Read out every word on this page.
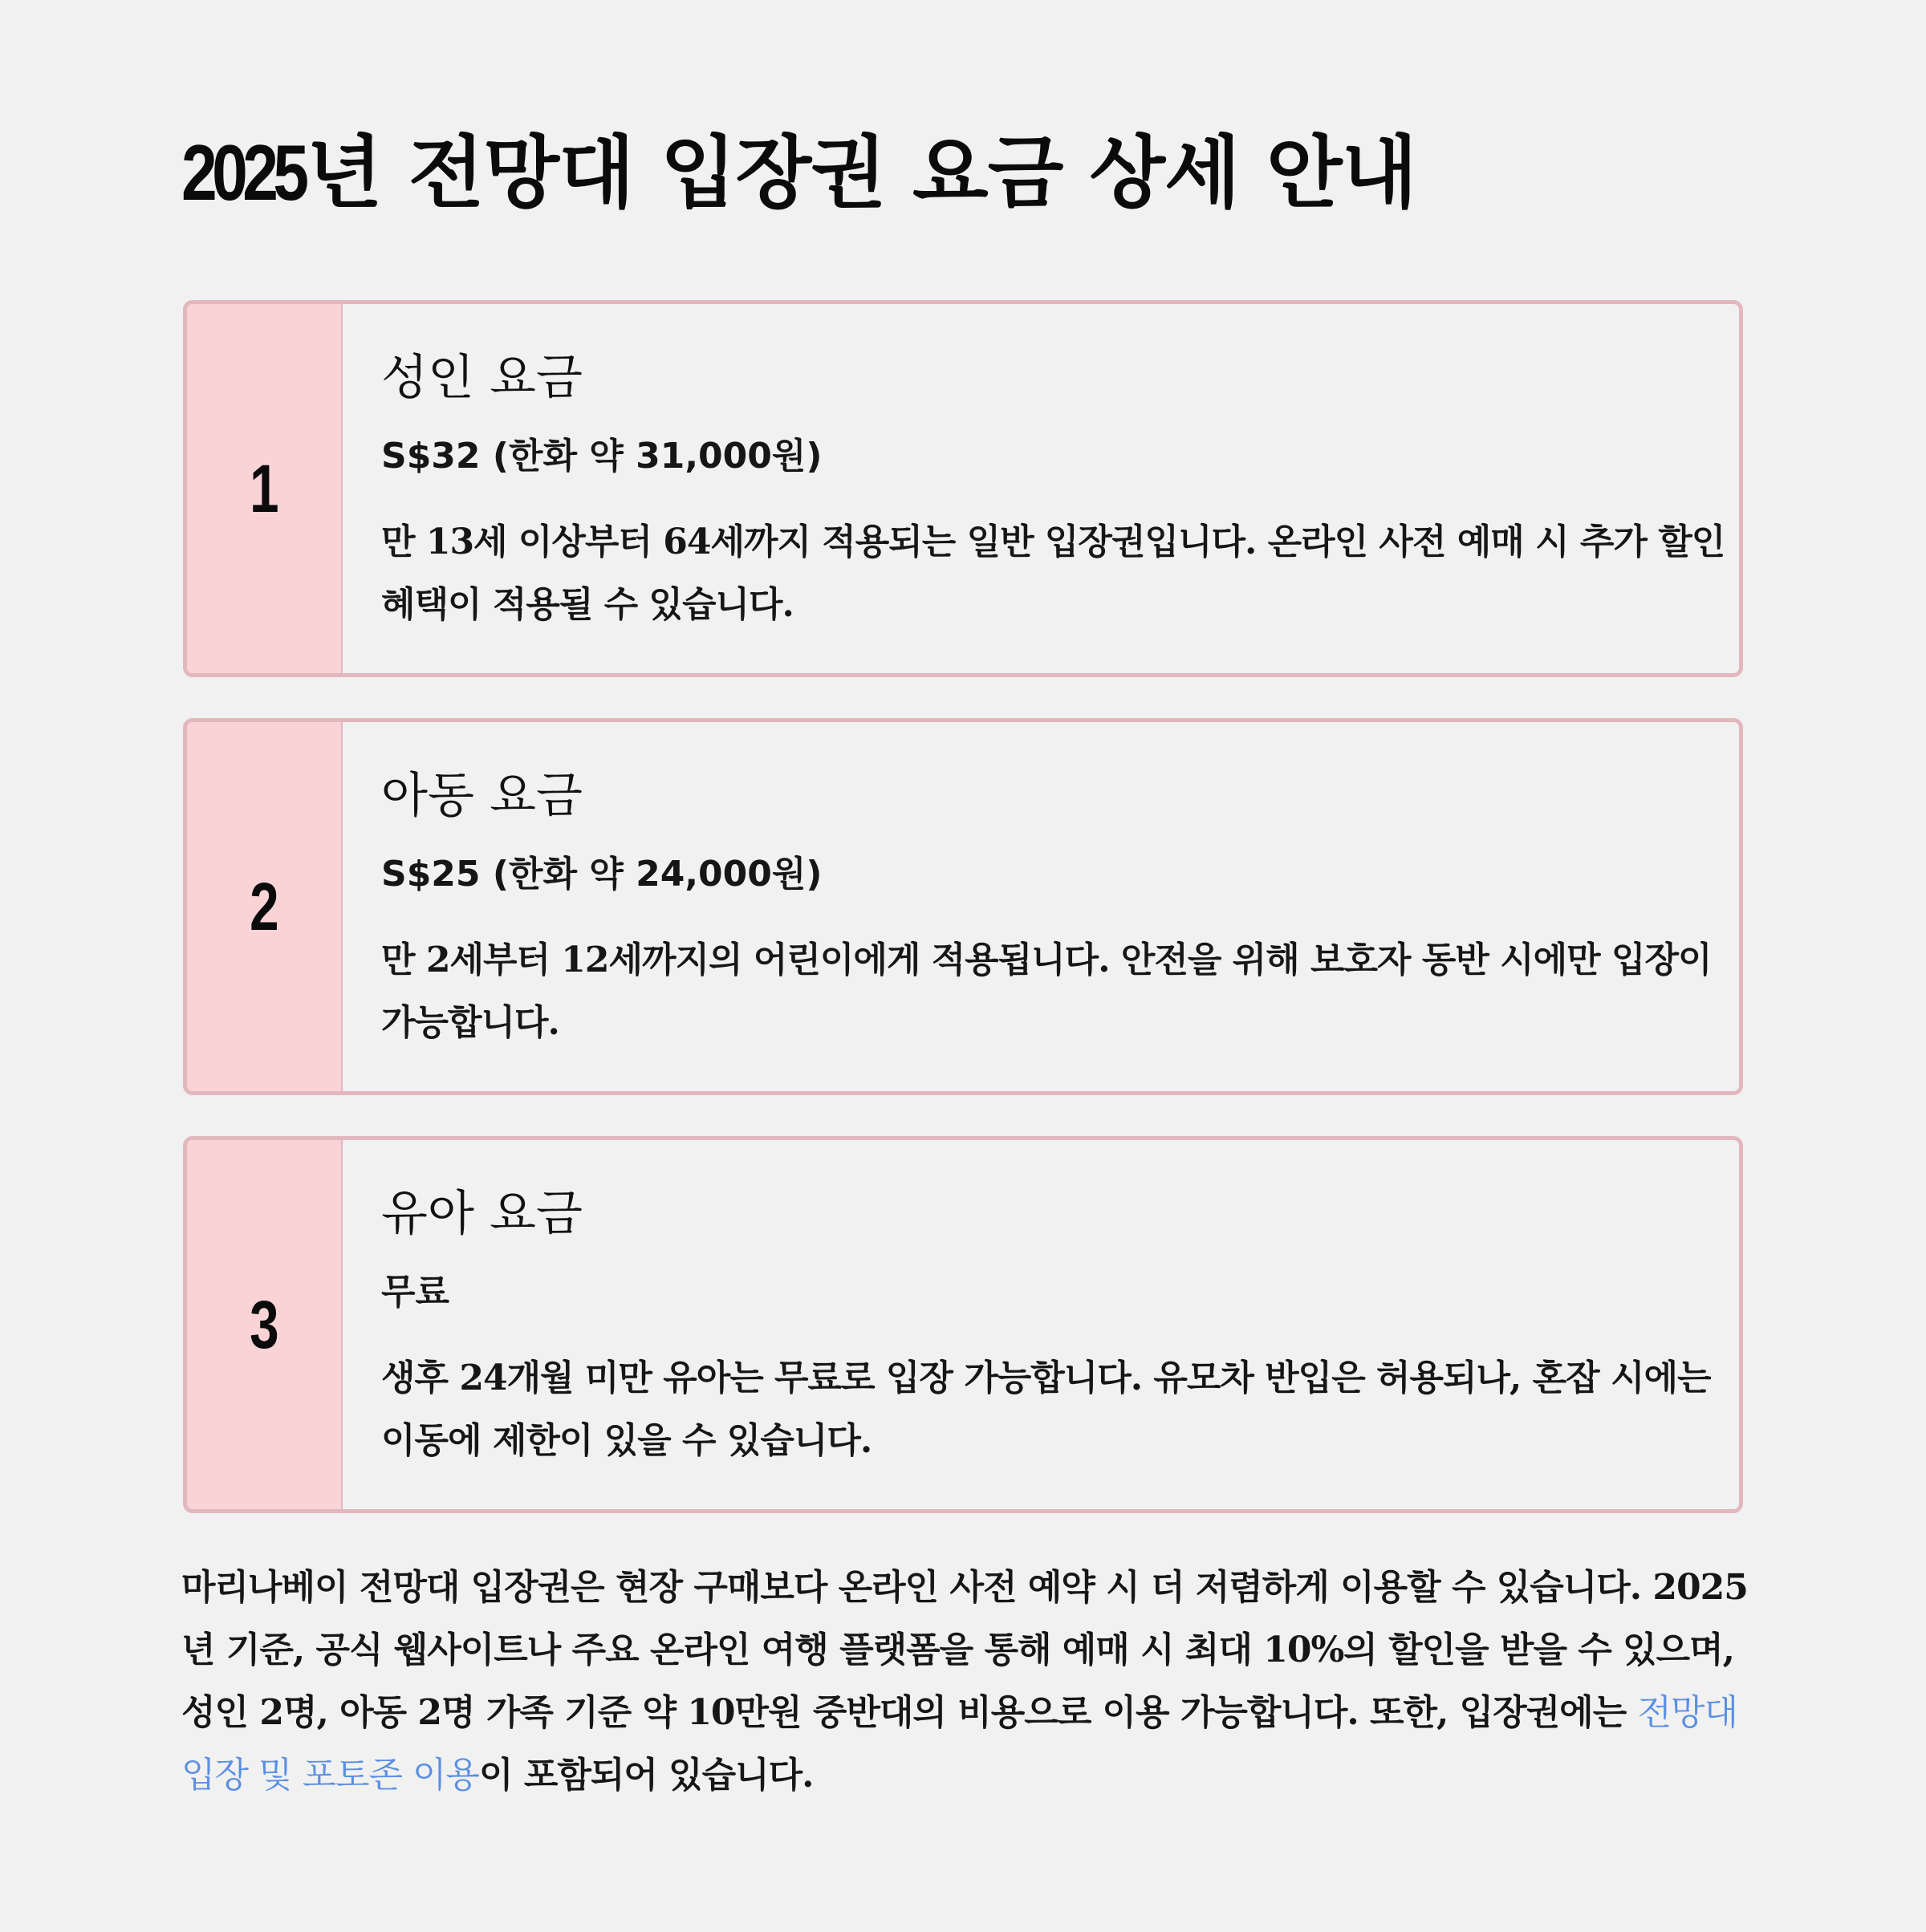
2025년 전망대 입장권 요금 상세 안내
1
성인 요금

S$32 (한화 약 31,000원)

만 13세 이상부터 64세까지 적용되는 일반 입장권입니다. 온라인 사전 예매 시 추가 할인 혜택이 적용될 수 있습니다.

2
아동 요금

S$25 (한화 약 24,000원)

만 2세부터 12세까지의 어린이에게 적용됩니다. 안전을 위해 보호자 동반 시에만 입장이 가능합니다.

3
유아 요금

무료

생후 24개월 미만 유아는 무료로 입장 가능합니다. 유모차 반입은 허용되나, 혼잡 시에는 이동에 제한이 있을 수 있습니다.

마리나베이 전망대 입장권은 현장 구매보다 온라인 사전 예약 시 더 저렴하게 이용할 수 있습니다. 2025년 기준, 공식 웹사이트나 주요 온라인 여행 플랫폼을 통해 예매 시 최대 10%의 할인을 받을 수 있으며, 성인 2명, 아동 2명 가족 기준 약 10만원 중반대의 비용으로 이용 가능합니다. 또한, 입장권에는 전망대 입장 및 포토존 이용이 포함되어 있습니다.
